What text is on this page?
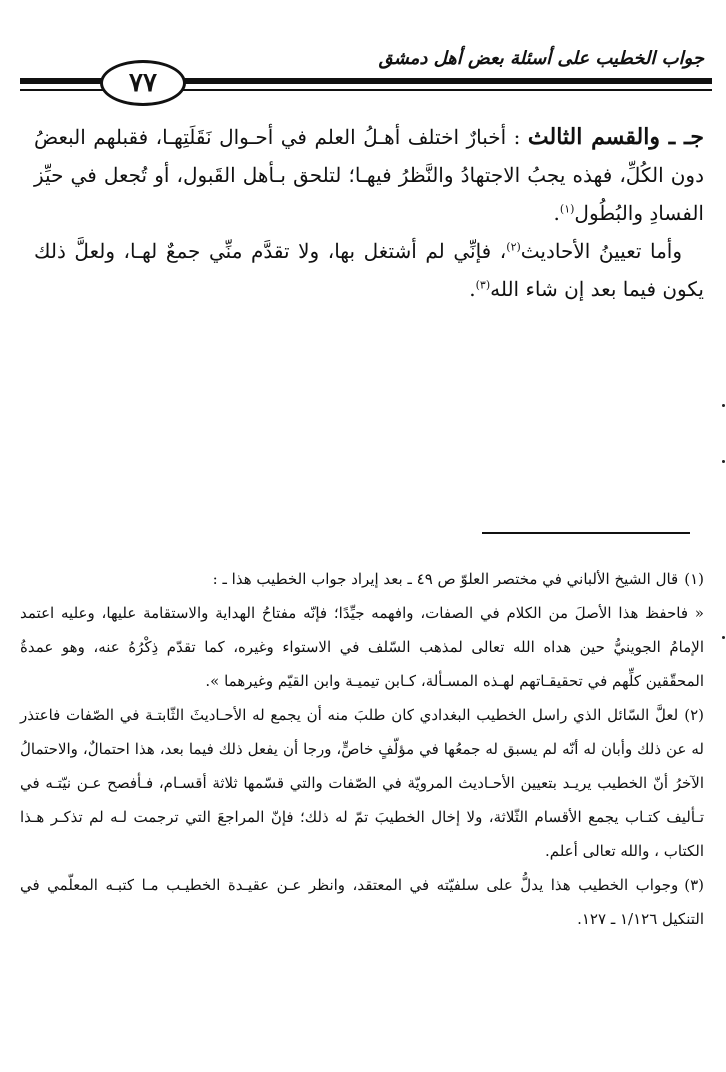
جواب الخطيب على أسئلة بعض أهل دمشق
٧٧

جـ ـ والقسم الثالث : أخبارٌ اختلف أهـلُ العلم في أحـوال نَقَلَتِهـا، فقبلهم البعضُ دون الكُلِّ، فهذه يجبُ الاجتهادُ والنَّظرُ فيهـا؛ لتلحق بـأهل القَبول، أو تُجعل في حيِّز الفسادِ والبُطُول$^{(١)}$.

وأما تعيينُ الأحاديث$^{(٢)}$، فإنِّي لم أشتغل بها، ولا تقدَّم منِّي جمعٌ لهـا، ولعلَّ ذلك يكون فيما بعد إن شاء الله$^{(٣)}$.

(١)قال الشيخ الألباني في مختصر العلوّ ص ٤٩ ـ بعد إيراد جواب الخطيب هذا ـ :

« فاحفظ هذا الأصلَ من الكلام في الصفات، وافهمه جيِّدًا؛ فإنّه مفتاحُ الهداية والاستقامة عليها، وعليه اعتمد الإمامُ الجوينيُّ حين هداه الله تعالى لمذهب السّلف في الاستواء وغيره، كما تقدّم ذِكْرُهُ عنه، وهو عمدةُ المحقّقين كلِّهم في تحقيقـاتهم لهـذه المسـألة، كـابن تيميـة وابن القيّم وغيرهما ».

(٢)لعلَّ السّائل الذي راسل الخطيب البغدادي كان طلبَ منه أن يجمع له الأحـاديثَ الثّابتـة في الصّفات فاعتذر له عن ذلك وأبان له أنّه لم يسبق له جمعُها في مؤلّفٍ خاصٍّ، ورجا أن يفعل ذلك فيما بعد، هذا احتمالٌ، والاحتمالُ الآخرُ أنّ الخطيب يريـد بتعيين الأحـاديث المرويّة في الصّفات والتي قسّمها ثلاثة أقسـام، فـأفصح عـن نيّتـه في تـأليف كتـاب يجمع الأقسام الثّلاثة، ولا إخال الخطيبَ تمّ له ذلك؛ فإنّ المراجعَ التي ترجمت لـه لم تذكـر هـذا الكتاب ، والله تعالى أعلم.

(٣)وجواب الخطيب هذا يدلُّ على سلفيّته في المعتقد، وانظر عـن عقيـدة الخطيـب مـا كتبـه المعلّمي في التنكيل ١/١٢٦ ـ ١٢٧.
